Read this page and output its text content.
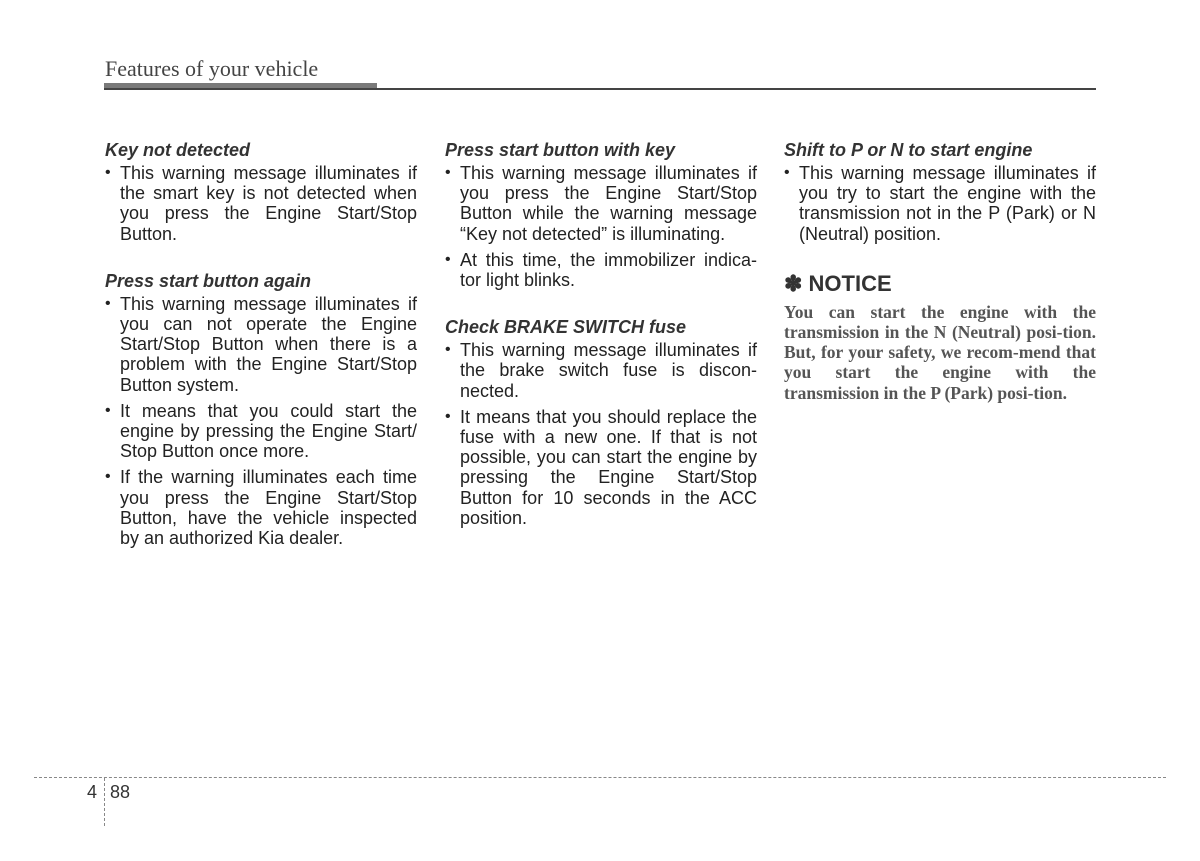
Features of your vehicle
Key not detected
• This warning message illuminates if the smart key is not detected when you press the Engine Start/Stop Button.
Press start button again
• This warning message illuminates if you can not operate the Engine Start/Stop Button when there is a problem with the Engine Start/Stop Button system.
• It means that you could start the engine by pressing the Engine Start/ Stop Button once more.
• If the warning illuminates each time you press the Engine Start/Stop Button, have the vehicle inspected by an authorized Kia dealer.
Press start button with key
• This warning message illuminates if you press the Engine Start/Stop Button while the warning message “Key not detected” is illuminating.
• At this time, the immobilizer indica-tor light blinks.
Check BRAKE SWITCH fuse
• This warning message illuminates if the brake switch fuse is discon-nected.
• It means that you should replace the fuse with a new one. If that is not possible, you can start the engine by pressing the Engine Start/Stop Button for 10 seconds in the ACC position.
Shift to P or N to start engine
• This warning message illuminates if you try to start the engine with the transmission not in the P (Park) or N (Neutral) position.
✽ NOTICE
You can start the engine with the transmission in the N (Neutral) posi-tion. But, for your safety, we recom-mend that you start the engine with the transmission in the P (Park) posi-tion.
4 88
